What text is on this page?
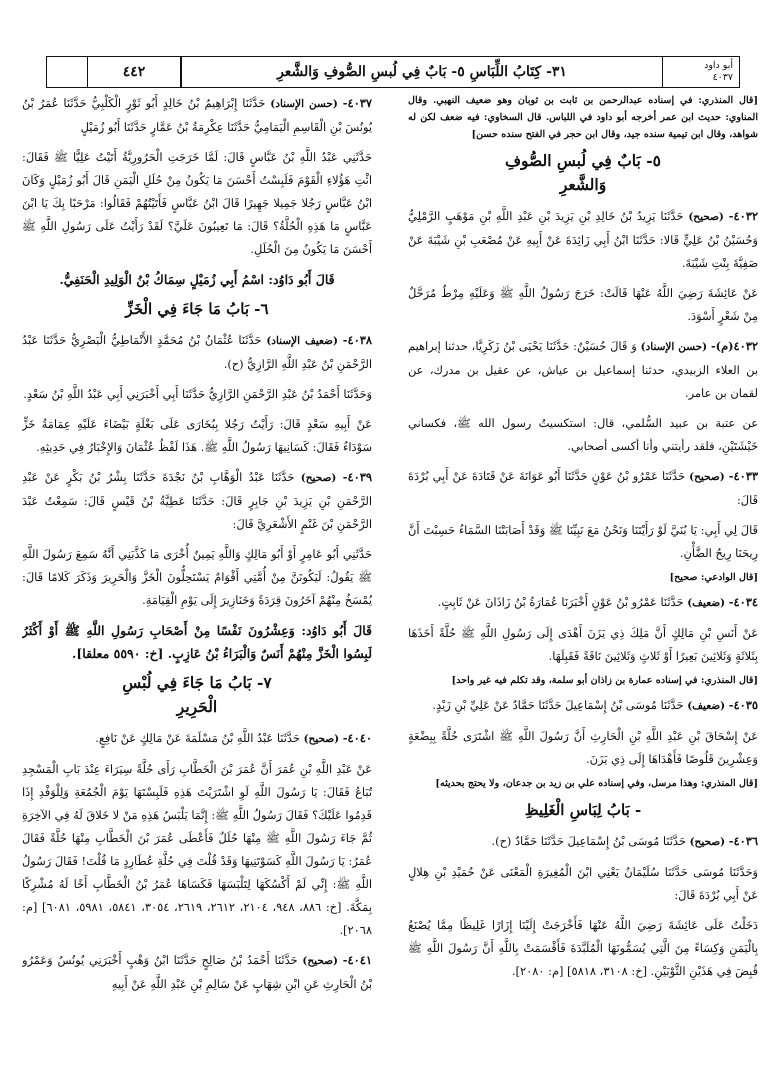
أبو داود
٤٠٣٧
٣١- كِتَابُ اللِّبَاسِ ٥- بَابٌ فِي لُبسِ الصُّوفِ وَالشَّعرِ
٤٤٢

[قال المنذري: في إسناده عبدالرحمن بن ثابت بن ثوبان وهو ضعيف النهبي. وقال المناوي: حديث ابن عمر أخرجه أبو داود في اللباس. قال السخاوي: فيه ضعف لكن له شواهد، وقال ابن تيمية سنده جيد، وقال ابن حجر في الفتح سنده حسن]

٥- بَابٌ فِي لُبسِ الصُّوفِ
وَالشَّعرِ

٤٠٣٢- (صحيح) حَدَّثَنَا يَزِيدُ بْنُ خَالِدِ بْنِ يَزِيدَ بْنِ عَبْدِ اللَّهِ بْنِ مَوْهَبٍ الرَّمْلِيُّ وَحُسَيْنُ بْنُ عَلِيٍّ قَالا: حَدَّثَنَا ابْنُ أَبِي زَائِدَةَ عَنْ أَبِيهِ عَنْ مُصْعَبِ بْنِ شَيْبَةَ عَنْ صَفِيَّةَ بِنْتِ شَيْبَةَ.

عَنْ عَائِشَةَ رَضِيَ اللَّهُ عَنْهَا قَالَتْ: خَرَجَ رَسُولُ اللَّهِ ﷺ وَعَلَيْهِ مِرْطٌ مُرَحَّلٌ مِنْ شَعْرٍ أَسْوَدَ.

٤٠٣٢(م)- (حسن الإسناد) وَ قَالَ حُسَيْنٌ: حَدَّثَنَا يَحْيَى بْنُ زَكَرِيَّا، حدثنا إبراهيم بن العلاء الزبيدي، حدثنا إسماعيل بن عياش، عن عقيل بن مدرك، عن لقمان بن عامر.

عن عتبة بن عبيد السُّلمي، قال: استكسيتُ رسول الله ﷺ، فكساني خَيْشَتَيْنِ، فلقد رأيتني وأنا أكسى أصحابي.

٤٠٣٣- (صحيح) حَدَّثَنَا عَمْرُو بْنُ عَوْنٍ حَدَّثَنَا أَبُو عَوَانَةَ عَنْ قَتَادَةَ عَنْ أَبِي بُرْدَةَ قَالَ:

قَالَ لِي أَبِي: يَا بُنَيَّ لَوْ رَأَيْتَنَا وَنَحْنُ مَعَ نَبِيِّنَا ﷺ وَقَدْ أَصَابَتْنَا السَّمَاءُ حَسِبْتَ أَنَّ رِيحَنَا رِيحُ الضَّأْنِ.

[قال الوادعي: صحيح]

٤٠٣٤- (ضعيف) حَدَّثَنَا عَمْرُو بْنُ عَوْنٍ أَخْبَرَنَا عُمَارَةُ بْنُ زَاذَانَ عَنْ ثَابِتٍ.

عَنْ أَنَسِ بْنِ مَالِكٍ أَنَّ مَلِكَ ذِي يَزَنَ أَهْدَى إِلَى رَسُولِ اللَّهِ ﷺ حُلَّةً أَخَذَهَا بِثَلاثَةٍ وَثَلاثِينَ بَعِيرًا أَوْ ثَلاثٍ وَثَلاثِينَ نَاقَةً فَقَبِلَهَا.

[قال المنذري: في إسناده عمارة بن زاذان أبو سلمة، وقد تكلم فيه غير واحد]

٤٠٣٥- (ضعيف) حَدَّثَنَا مُوسَى بْنُ إِسْمَاعِيلَ حَدَّثَنَا حَمَّادٌ عَنْ عَلِيِّ بْنِ زَيْدٍ.

عَنْ إِسْحَاقَ بْنِ عَبْدِ اللَّهِ بْنِ الْحَارِثِ أَنَّ رَسُولَ اللَّهِ ﷺ اشْتَرَى حُلَّةً بِبِضْعَةٍ وَعِشْرِينَ قَلُوصًا فَأَهْدَاهَا إِلَى ذِي يَزَنَ.

[قال المنذري: وهذا مرسل، وفي إسناده علي بن زيد بن جدعان، ولا يحتج بحديثه]

- بَابُ لِبَاسِ الْغَلِيظِ

٤٠٣٦- (صحيح) حَدَّثَنَا مُوسَى بْنُ إِسْمَاعِيلَ حَدَّثَنَا حَمَّادٌ (ح).

وَحَدَّثَنَا مُوسَى حَدَّثَنَا سُلَيْمَانُ يَعْنِي ابْنَ الْمُغِيرَةِ الْمَعْنَى عَنْ حُمَيْدِ بْنِ هِلالٍ عَنْ أَبِي بُرْدَةَ قَالَ:

دَخَلْتُ عَلَى عَائِشَةَ رَضِيَ اللَّهُ عَنْهَا فَأَخْرَجَتْ إِلَيْنَا إِزَارًا غَلِيظًا مِمَّا يُصْنَعُ بِالْيَمَنِ وَكِسَاءً مِنَ الَّتِي يُسَمُّونَهَا الْمُلَبَّدَةَ فَأَقْسَمَتْ بِاللَّهِ أَنَّ رَسُولَ اللَّهِ ﷺ قُبِضَ فِي هَذَيْنِ الثَّوْبَيْنِ. [خ: ٣١٠٨، ٥٨١٨] [م: ٢٠٨٠].

٤٠٣٧- (حسن الإسناد) حَدَّثَنَا إِبْرَاهِيمُ بْنُ خَالِدٍ أَبُو ثَوْرٍ الْكَلْبِيُّ حَدَّثَنَا عُمَرُ بْنُ يُونُسَ بْنِ الْقَاسِمِ الْيَمَامِيُّ حَدَّثَنَا عِكْرِمَةُ بْنُ عَمَّارٍ حَدَّثَنَا أَبُو زُمَيْلٍ

حَدَّثَنِي عَبْدُ اللَّهِ بْنُ عَبَّاسٍ قَالَ: لَمَّا خَرَجَتِ الْحَرُورِيَّةُ أَتَيْتُ عَلِيًّا ﷺ فَقَالَ: ائْتِ هَؤُلاءِ الْقَوْمَ فَلَبِسْتُ أَحْسَنَ مَا يَكُونُ مِنْ حُلَلِ الْيَمَنِ قَالَ أَبُو زُمَيْلٍ وَكَانَ ابْنُ عَبَّاسٍ رَجُلا جَمِيلا جَهِيرًا قَالَ ابْنُ عَبَّاسٍ فَأَتَيْتُهُمْ فَقَالُوا: مَرْحَبًا بِكَ يَا ابْنَ عَبَّاسٍ مَا هَذِهِ الْحُلَّةُ؟ قَالَ: مَا تَعِيبُونَ عَلَيَّ؟ لَقَدْ رَأَيْتُ عَلَى رَسُولِ اللَّهِ ﷺ أَحْسَنَ مَا يَكُونُ مِنَ الْحُلَلِ.

قَالَ أَبُو دَاوُد: اسْمُ أَبِي زُمَيْلٍ سِمَاكُ بْنُ الْوَلِيدِ الْحَنَفِيُّ.
٦- بَابُ مَا جَاءَ فِي الْخَزِّ

٤٠٣٨- (ضعيف الإسناد) حَدَّثَنَا عُثْمَانُ بْنُ مُحَمَّدٍ الأَنْمَاطِيُّ الْبَصْرِيُّ حَدَّثَنَا عَبْدُ الرَّحْمَنِ بْنُ عَبْدِ اللَّهِ الرَّازِيُّ (ح).

وَحَدَّثَنَا أَحْمَدُ بْنُ عَبْدِ الرَّحْمَنِ الرَّازِيُّ حَدَّثَنَا أَبِي أَخْبَرَنِي أَبِي عَبْدُ اللَّهِ بْنُ سَعْدٍ.

عَنْ أَبِيهِ سَعْدٍ قَالَ: رَأَيْتُ رَجُلا بِبُخَارَى عَلَى بَغْلَةٍ بَيْضَاءَ عَلَيْهِ عِمَامَةُ خَزٍّ سَوْدَاءُ فَقَالَ: كَسَانِيهَا رَسُولُ اللَّهِ ﷺ. هَذَا لَفْظُ عُثْمَانَ وَالإِخْبَارُ فِي حَدِيثِهِ.

٤٠٣٩- (صحيح) حَدَّثَنَا عَبْدُ الْوَهَّابِ بْنُ نَجْدَةَ حَدَّثَنَا بِشْرُ بْنُ بَكْرٍ عَنْ عَبْدِ الرَّحْمَنِ بْنِ يَزِيدَ بْنِ جَابِرٍ قَالَ: حَدَّثَنَا عَطِيَّةُ بْنُ قَيْسٍ قَالَ: سَمِعْتُ عَبْدَ الرَّحْمَنِ بْنَ غَنْمٍ الأَشْعَرِيَّ قَالَ:

حَدَّثَنِي أَبُو عَامِرٍ أَوْ أَبُو مَالِكٍ وَاللَّهِ يَمِينٌ أُخْرَى مَا كَذَّبَنِي أَنَّهُ سَمِعَ رَسُولَ اللَّهِ ﷺ يَقُولُ: لَيَكُونَنَّ مِنْ أُمَّتِي أَقْوَامٌ يَسْتَحِلُّونَ الْخَزَّ وَالْحَرِيرَ وَذَكَرَ كَلامًا قَالَ: يُمْسَخُ مِنْهُمْ آخَرُونَ قِرَدَةً وَخَنَازِيرَ إِلَى يَوْمِ الْقِيَامَةِ.

قَالَ أَبُو دَاوُد: وَعِشْرُونَ نَفْسًا مِنْ أَصْحَابِ رَسُولِ اللَّهِ ﷺ أَوْ أَكْثَرُ لَبِسُوا الْخَزَّ مِنْهُمْ أَنَسٌ وَالْبَرَاءُ بْنُ عَازِبٍ. [خ: ٥٥٩٠ معلقا].
٧- بَابُ مَا جَاءَ فِي لُبْسِ
الْحَرِيرِ

٤٠٤٠- (صحيح) حَدَّثَنَا عَبْدُ اللَّهِ بْنُ مَسْلَمَةَ عَنْ مَالِكٍ عَنْ نَافِعٍ.

عَنْ عَبْدِ اللَّهِ بْنِ عُمَرَ أَنَّ عُمَرَ بْنَ الْخَطَّابِ رَأَى حُلَّةً سِيَرَاءَ عِنْدَ بَابِ الْمَسْجِدِ تُبَاعُ فَقَالَ: يَا رَسُولَ اللَّهِ لَوِ اشْتَرَيْتَ هَذِهِ فَلَبِسْتَهَا يَوْمَ الْجُمُعَةِ وَلِلْوَفْدِ إِذَا قَدِمُوا عَلَيْكَ؟ فَقَالَ رَسُولُ اللَّهِ ﷺ: إِنَّمَا يَلْبَسُ هَذِهِ مَنْ لا خَلاقَ لَهُ فِي الآخِرَةِ ثُمَّ جَاءَ رَسُولَ اللَّهِ ﷺ مِنْهَا حُلَلٌ فَأَعْطَى عُمَرَ بْنَ الْخَطَّابِ مِنْهَا حُلَّةً فَقَالَ عُمَرُ: يَا رَسُولَ اللَّهِ كَسَوْتَنِيهَا وَقَدْ قُلْتَ فِي حُلَّةِ عُطَارِدٍ مَا قُلْتَ! فَقَالَ رَسُولُ اللَّهِ ﷺ: إِنِّي لَمْ أَكْسُكَهَا لِتَلْبَسَهَا فَكَسَاهَا عُمَرُ بْنُ الْخَطَّابِ أَخًا لَهُ مُشْرِكًا بِمَكَّةَ. [خ: ٨٨٦، ٩٤٨، ٢١٠٤، ٢٦١٢، ٢٦١٩، ٣٠٥٤، ٥٨٤١، ٥٩٨١، ٦٠٨١] [م: ٢٠٦٨].

٤٠٤١- (صحيح) حَدَّثَنَا أَحْمَدُ بْنُ صَالِحٍ حَدَّثَنَا ابْنُ وَهْبٍ أَخْبَرَنِي يُونُسُ وَعَمْرُو بْنُ الْحَارِثِ عَنِ ابْنِ شِهَابٍ عَنْ سَالِمِ بْنِ عَبْدِ اللَّهِ عَنْ أَبِيهِ
